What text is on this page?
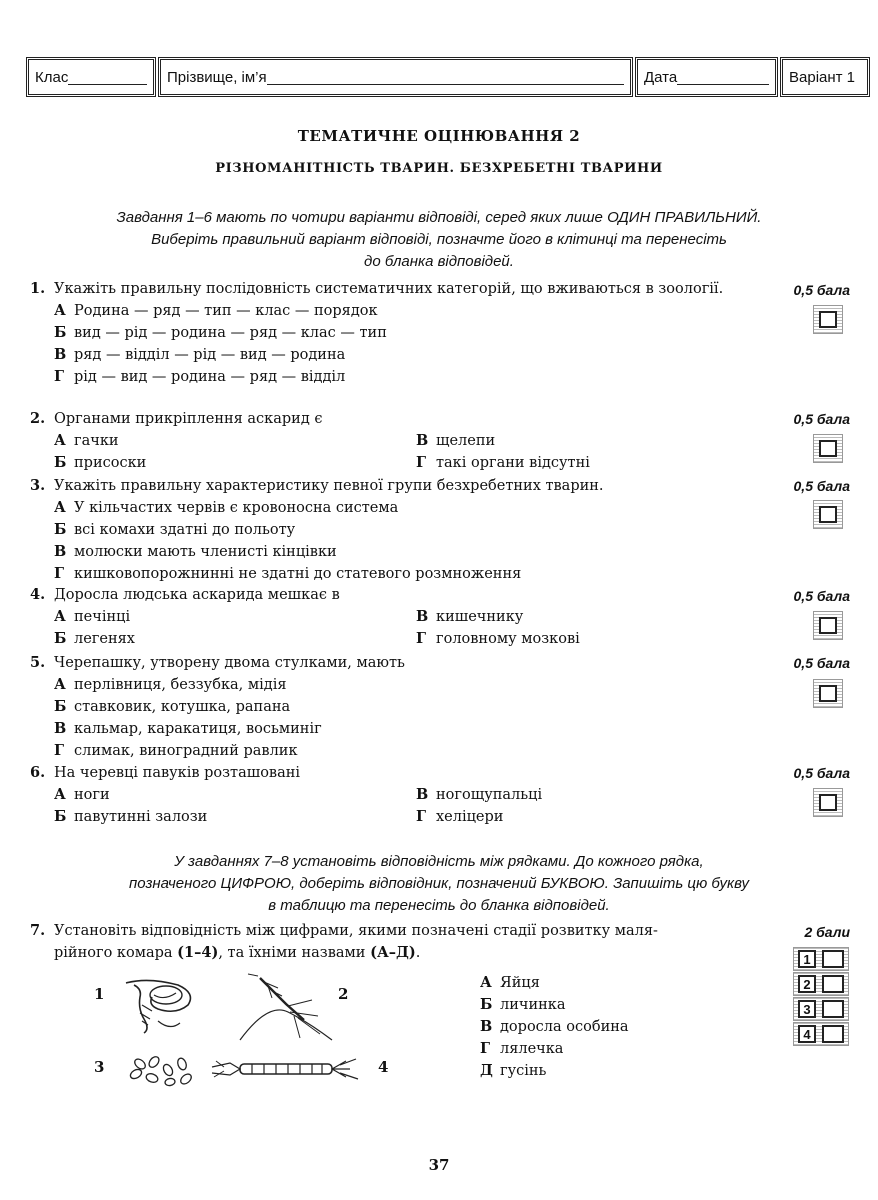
Клас	Прізвище, ім’я	Дата	Варіант 1
ТЕМАТИЧНЕ ОЦІНЮВАННЯ 2
РІЗНОМАНІТНІСТЬ ТВАРИН. БЕЗХРЕБЕТНІ ТВАРИНИ
Завдання 1–6 мають по чотири варіанти відповіді, серед яких лише ОДИН ПРАВИЛЬНИЙ.
Виберіть правильний варіант відповіді, позначте його в клітинці та перенесіть
до бланка відповідей.
1. Укажіть правильну послідовність систематичних категорій, що вживаються в зоології.
А Родина — ряд — тип — клас — порядок
Б вид — рід — родина — ряд — клас — тип
В ряд — відділ — рід — вид — родина
Г рід — вид — родина — ряд — відділ
0,5 бала
2. Органами прикріплення аскарид є
А гачки	В щелепи
Б присоски	Г такі органи відсутні
0,5 бала
3. Укажіть правильну характеристику певної групи безхребетних тварин.
А У кільчастих червів є кровоносна система
Б всі комахи здатні до польоту
В молюски мають членисті кінцівки
Г кишковопорожнинні не здатні до статевого розмноження
0,5 бала
4. Доросла людська аскарида мешкає в
А печінці	В кишечнику
Б легенях	Г головному мозкові
0,5 бала
5. Черепашку, утворену двома стулками, мають
А перлівниця, беззубка, мідія
Б ставковик, котушка, рапана
В кальмар, каракатиця, восьминіг
Г слимак, виноградний равлик
0,5 бала
6. На черевці павуків розташовані
А ноги	В ногощупальці
Б павутинні залози	Г хеліцери
0,5 бала
У завданнях 7–8 установіть відповідність між рядками. До кожного рядка,
позначеного ЦИФРОЮ, доберіть відповідник, позначений БУКВОЮ. Запишіть цю букву
в таблицю та перенесіть до бланка відповідей.
7. Установіть відповідність між цифрами, якими позначені стадії розвитку маля-
рійного комара (1–4), та їхніми назвами (А–Д).
2 бали
1	2
3	4
А Яйця
Б личинка
В доросла особина
Г лялечка
Д гусінь
1
2
3
4
37
